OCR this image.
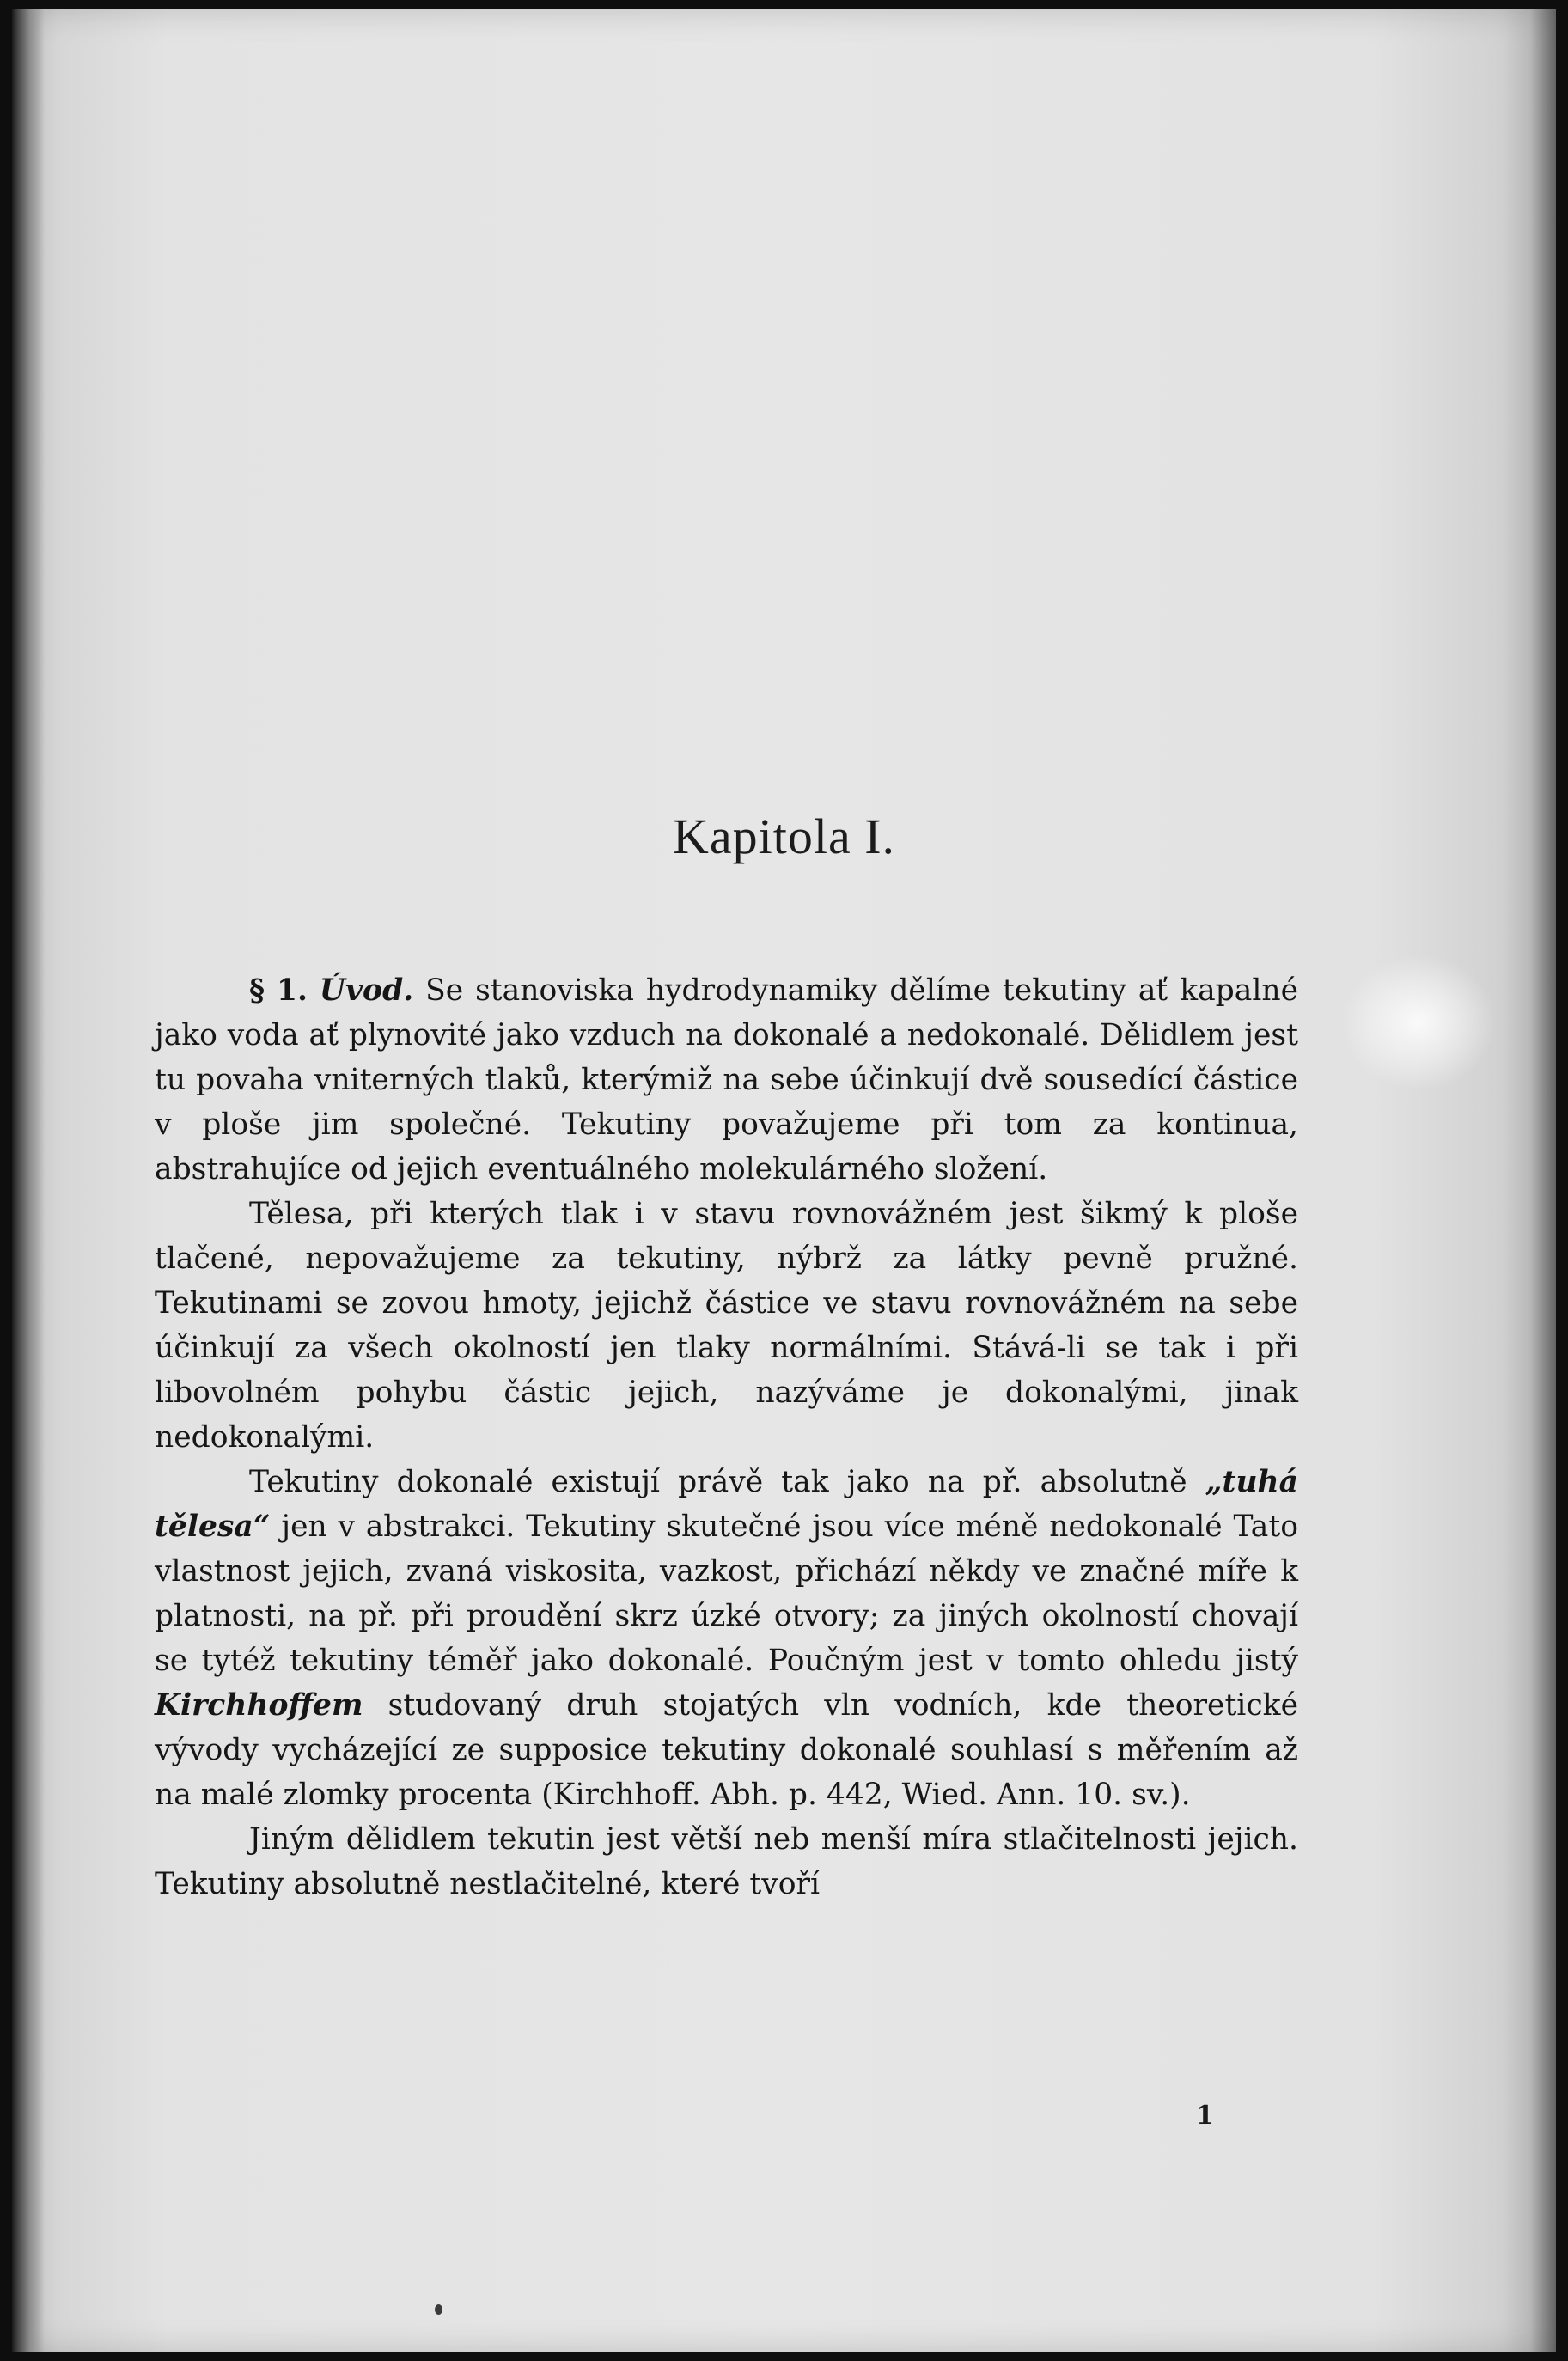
Kapitola I.

§ 1. Úvod. Se stanoviska hydrodynamiky dělíme tekutiny ať kapalné jako voda ať plynovité jako vzduch na dokonalé a nedokonalé. Dělidlem jest tu povaha vniterných tlaků, kterýmiž na sebe účinkují dvě sousedící částice v ploše jim společné. Tekutiny považujeme při tom za kontinua, abstrahujíce od jejich eventuálného molekulárného složení.

Tělesa, při kterých tlak i v stavu rovnovážném jest šikmý k ploše tlačené, nepovažujeme za tekutiny, nýbrž za látky pevně pružné. Tekutinami se zovou hmoty, jejichž částice ve stavu rovnovážném na sebe účinkují za všech okolností jen tlaky normálními. Stává-li se tak i při libovolném pohybu částic jejich, nazýváme je dokonalými, jinak nedokonalými.

Tekutiny dokonalé existují právě tak jako na př. absolutně „tuhá tělesa“ jen v abstrakci. Tekutiny skutečné jsou více méně nedokonalé Tato vlastnost jejich, zvaná viskosita, vazkost, přichází někdy ve značné míře k platnosti, na př. při proudění skrz úzké otvory; za jiných okolností chovají se tytéž tekutiny téměř jako dokonalé. Poučným jest v tomto ohledu jistý Kirchhoffem studovaný druh stojatých vln vodních, kde theoretické vývody vycházející ze supposice tekutiny dokonalé souhlasí s měřením až na malé zlomky procenta (Kirchhoff. Abh. p. 442, Wied. Ann. 10. sv.).

Jiným dělidlem tekutin jest větší neb menší míra stlačitelnosti jejich. Tekutiny absolutně nestlačitelné, které tvoří

1
